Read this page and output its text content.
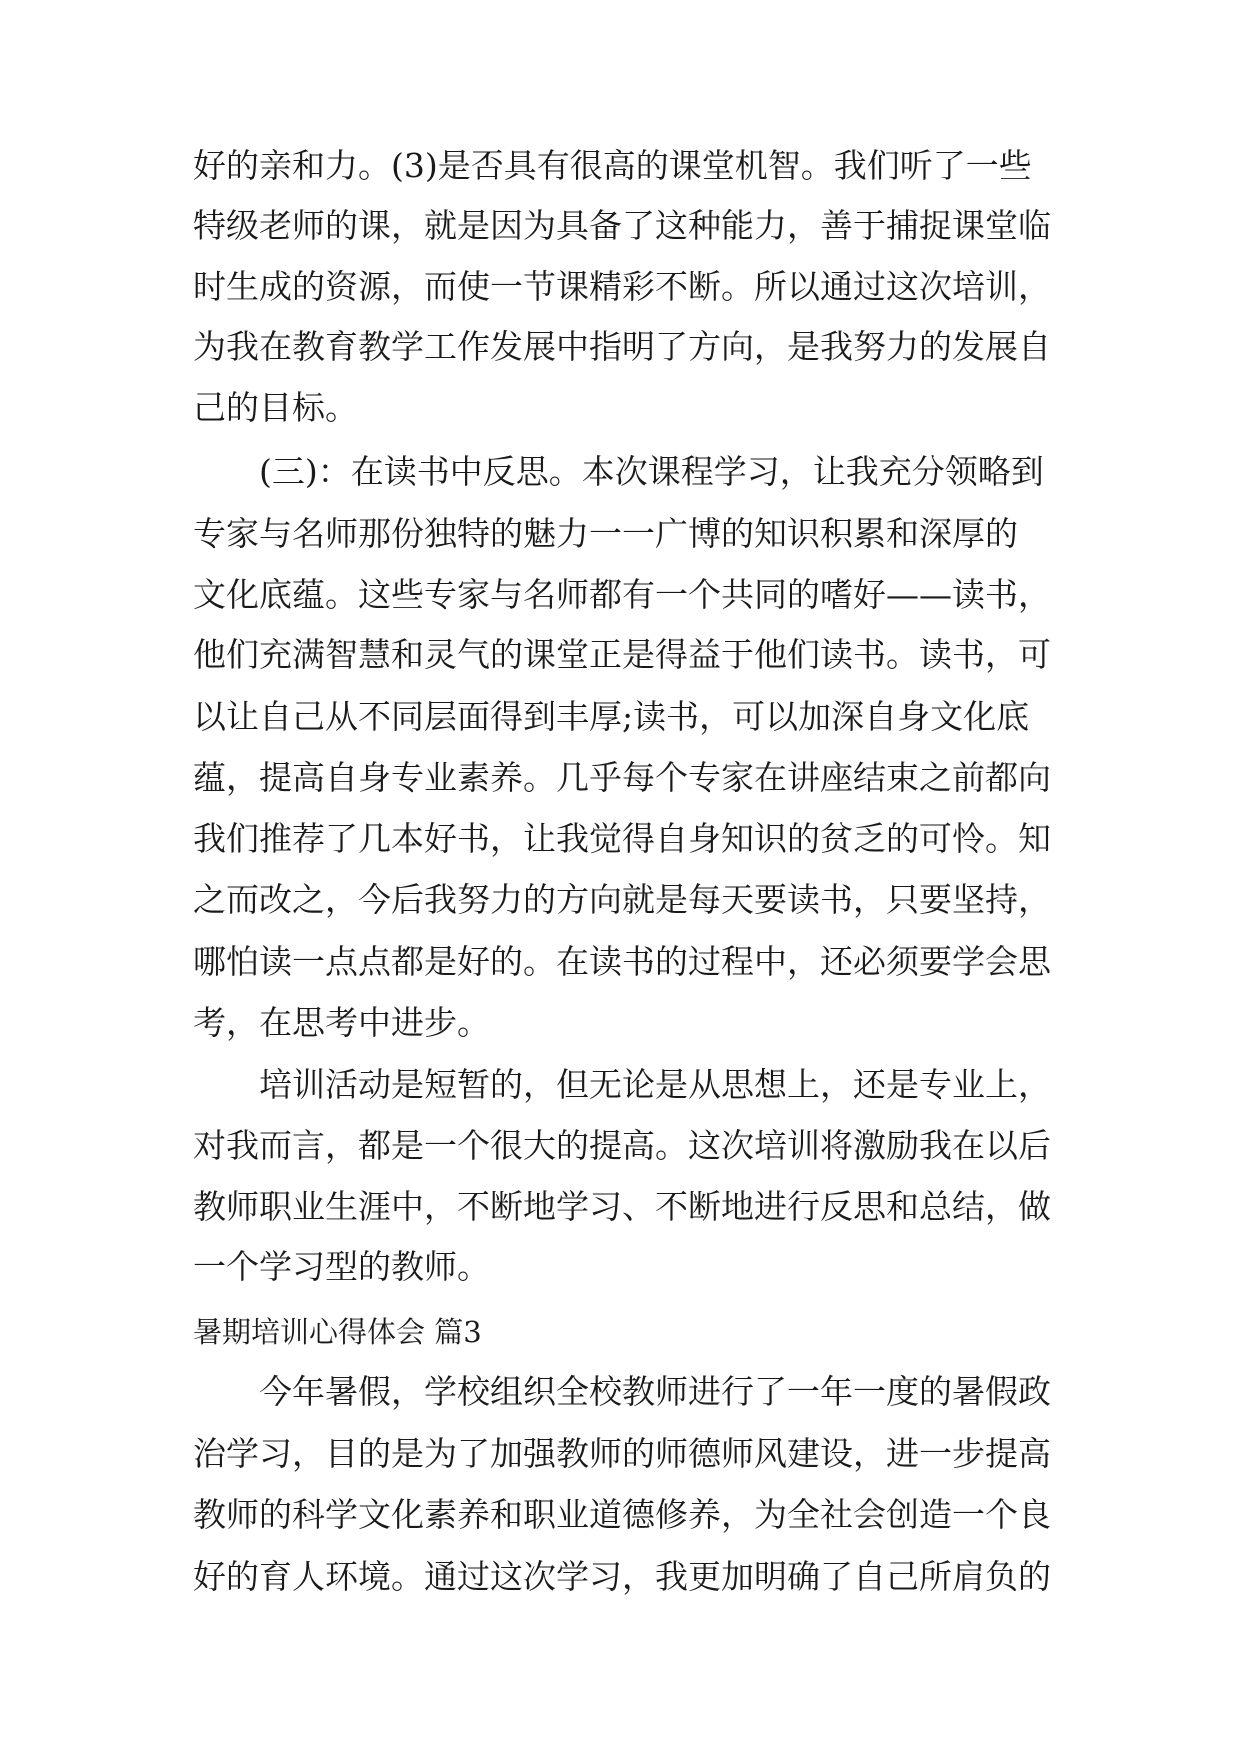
好的亲和力。(3)是否具有很高的课堂机智。我们听了一些
特级老师的课，就是因为具备了这种能力，善于捕捉课堂临
时生成的资源，而使一节课精彩不断。所以通过这次培训，
为我在教育教学工作发展中指明了方向，是我努力的发展自
己的目标。
(三)：在读书中反思。本次课程学习，让我充分领略到
专家与名师那份独特的魅力一一广博的知识积累和深厚的
文化底蕴。这些专家与名师都有一个共同的嗜好——读书，
他们充满智慧和灵气的课堂正是得益于他们读书。读书，可
以让自己从不同层面得到丰厚;读书，可以加深自身文化底
蕴，提高自身专业素养。几乎每个专家在讲座结束之前都向
我们推荐了几本好书，让我觉得自身知识的贫乏的可怜。知
之而改之，今后我努力的方向就是每天要读书，只要坚持，
哪怕读一点点都是好的。在读书的过程中，还必须要学会思
考，在思考中进步。
培训活动是短暂的，但无论是从思想上，还是专业上，
对我而言，都是一个很大的提高。这次培训将激励我在以后
教师职业生涯中，不断地学习、不断地进行反思和总结，做
一个学习型的教师。
暑期培训心得体会 篇3
今年暑假，学校组织全校教师进行了一年一度的暑假政
治学习，目的是为了加强教师的师德师风建设，进一步提高
教师的科学文化素养和职业道德修养，为全社会创造一个良
好的育人环境。通过这次学习，我更加明确了自己所肩负的
